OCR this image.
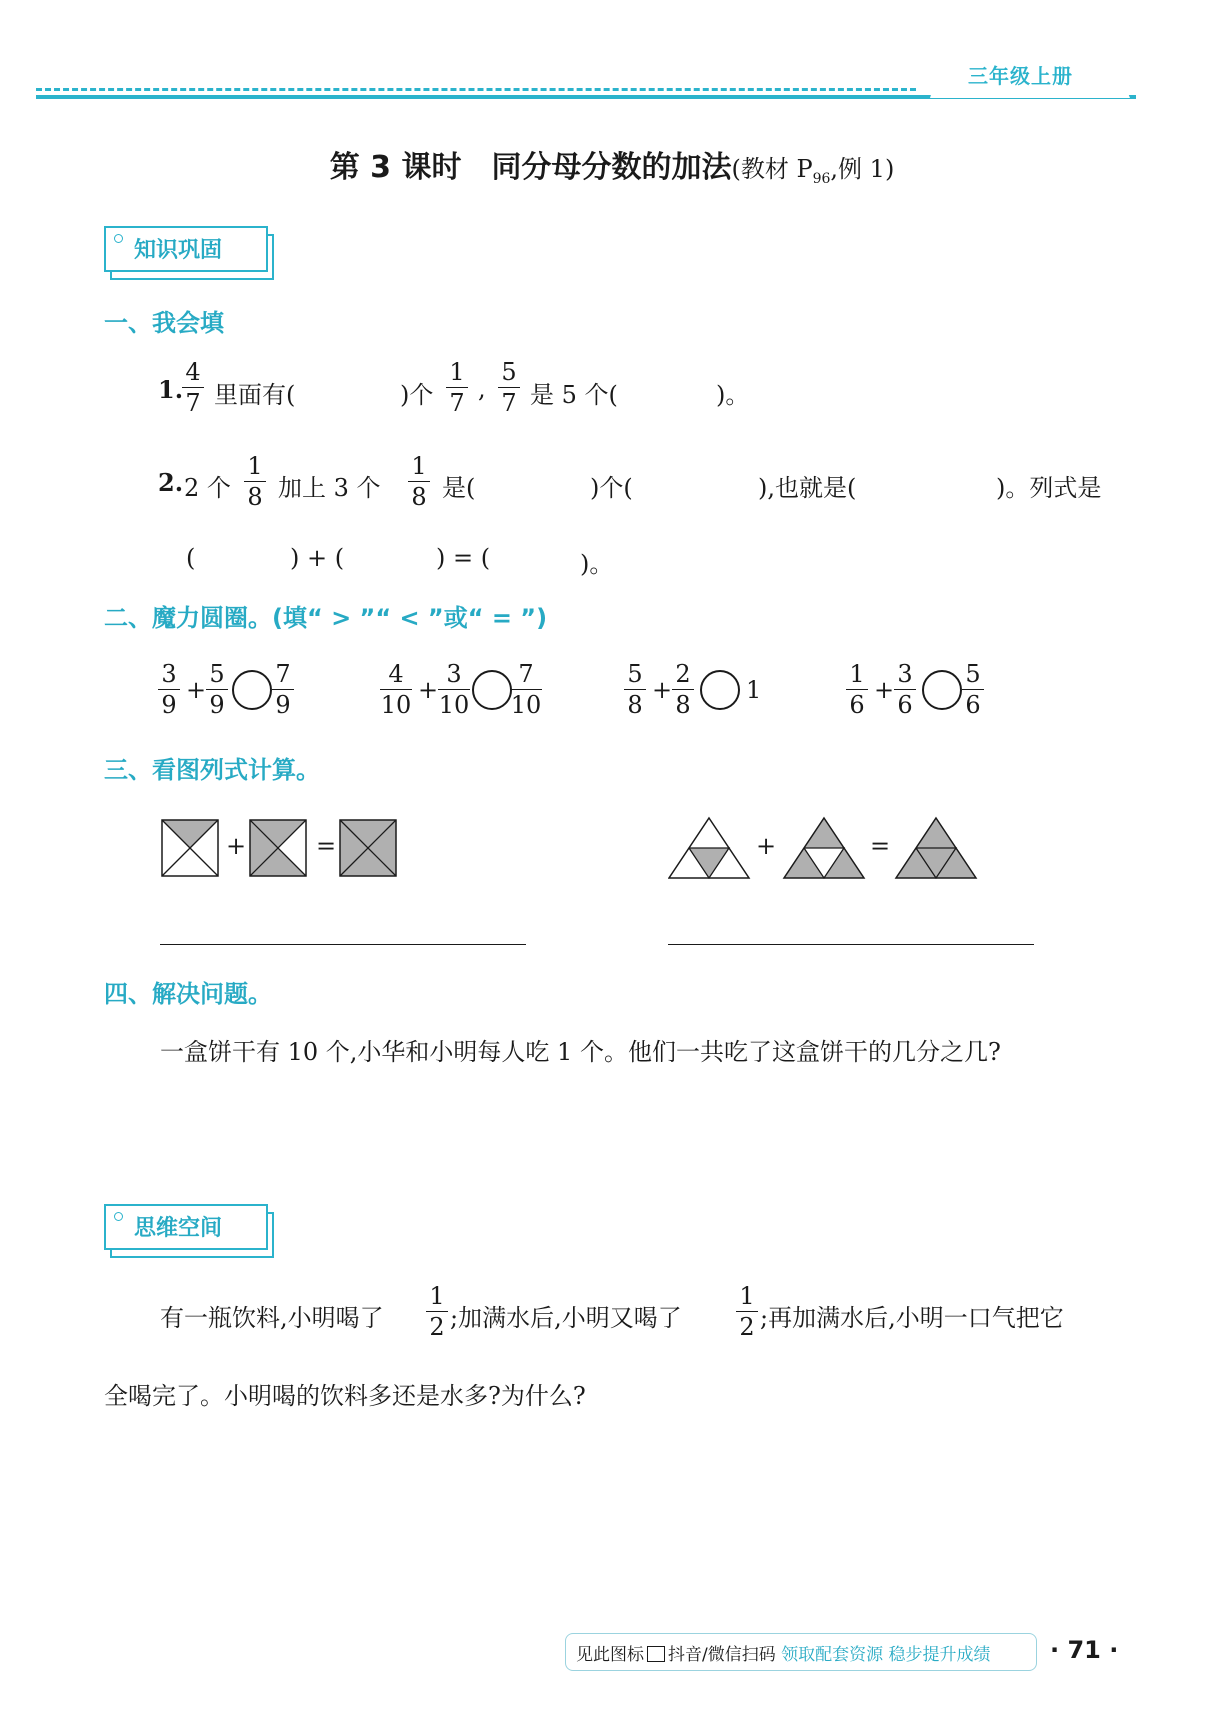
三年级上册
第 3 课时　同分母分数的加法(教材 $P_{96}$,例 1)
知识巩固
一、我会填
1.
4
7 里面有(	)个
1
7 ,
5
7 是 5 个(	)。
2. 2 个
1
8 加上 3 个
1
8 是(	)个(	),也就是(	)。列式是
(	) + (	) = (	)。
二、魔力圆圈。(填“ > ”“ < ”或“ = ”)
3
9
+
5
9
7
9
4
10
+
3
10
7
10
5
8
+
2
8
1
1
6
+
3
6
5
6
三、看图列式计算。
+	=	+	=
四、解决问题。
一盒饼干有 10 个,小华和小明每人吃 1 个。他们一共吃了这盒饼干的几分之几?
思维空间
有一瓶饮料,小明喝了
1
2 ;加满水后,小明又喝了
1
2 ;再加满水后,小明一口气把它
全喝完了。小明喝的饮料多还是水多?为什么?
见此图标 抖音/微信扫码 领取配套资源 稳步提升成绩 · 71 ·
